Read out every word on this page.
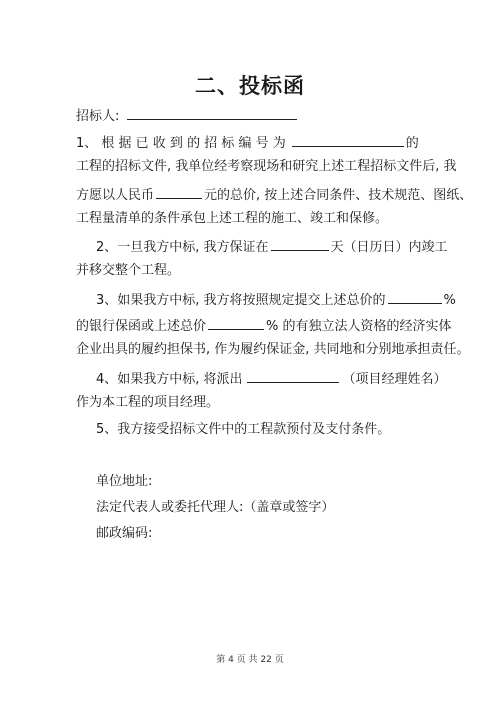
二、投标函
招标人:
1、 根 据 已 收 到 的 招 标 编 号 为	的
工程的招标文件, 我单位经考察现场和研究上述工程招标文件后, 我
方愿以人民币	元的总价, 按上述合同条件、技术规范、图纸、
工程量清单的条件承包上述工程的施工、竣工和保修。
2、一旦我方中标, 我方保证在	天（日历日）内竣工
并移交整个工程。
3、如果我方中标, 我方将按照规定提交上述总价的	%
的银行保函或上述总价	% 的有独立法人资格的经济实体
企业出具的履约担保书, 作为履约保证金, 共同地和分别地承担责任。
4、如果我方中标, 将派出	（项目经理姓名）
作为本工程的项目经理。
5、我方接受招标文件中的工程款预付及支付条件。
单位地址:
法定代表人或委托代理人:（盖章或签字）
邮政编码:
第 4 页 共 22 页
